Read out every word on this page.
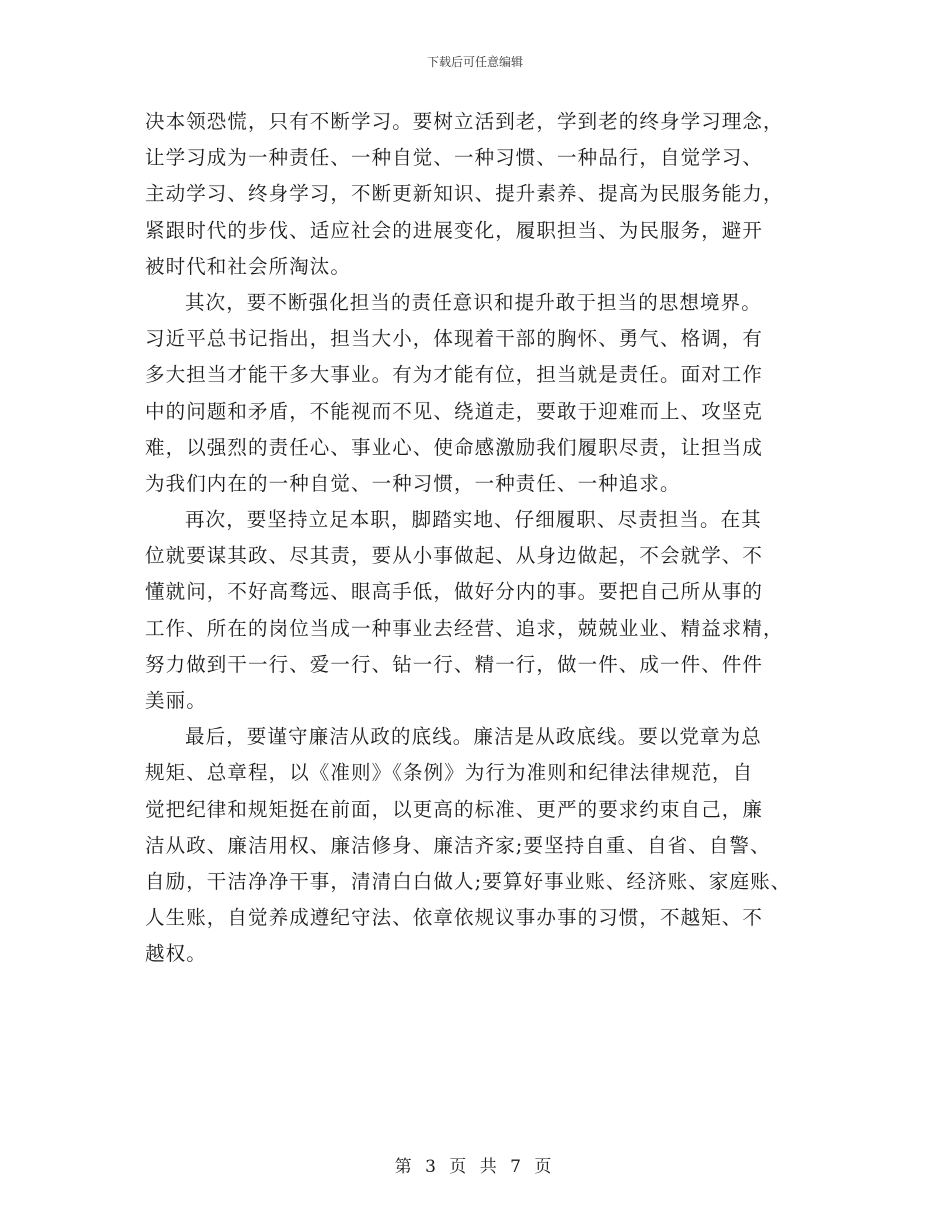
下载后可任意编辑
决本领恐慌，只有不断学习。要树立活到老，学到老的终身学习理念，
让学习成为一种责任、一种自觉、一种习惯、一种品行，自觉学习、
主动学习、终身学习，不断更新知识、提升素养、提高为民服务能力，
紧跟时代的步伐、适应社会的进展变化，履职担当、为民服务，避开
被时代和社会所淘汰。
其次，要不断强化担当的责任意识和提升敢于担当的思想境界。
习近平总书记指出，担当大小，体现着干部的胸怀、勇气、格调，有
多大担当才能干多大事业。有为才能有位，担当就是责任。面对工作
中的问题和矛盾，不能视而不见、绕道走，要敢于迎难而上、攻坚克
难，以强烈的责任心、事业心、使命感激励我们履职尽责，让担当成
为我们内在的一种自觉、一种习惯，一种责任、一种追求。
再次，要坚持立足本职，脚踏实地、仔细履职、尽责担当。在其
位就要谋其政、尽其责，要从小事做起、从身边做起，不会就学、不
懂就问，不好高骛远、眼高手低，做好分内的事。要把自己所从事的
工作、所在的岗位当成一种事业去经营、追求，兢兢业业、精益求精，
努力做到干一行、爱一行、钻一行、精一行，做一件、成一件、件件
美丽。
最后，要谨守廉洁从政的底线。廉洁是从政底线。要以党章为总
规矩、总章程，以《准则》《条例》为行为准则和纪律法律规范，自
觉把纪律和规矩挺在前面，以更高的标准、更严的要求约束自己，廉
洁从政、廉洁用权、廉洁修身、廉洁齐家;要坚持自重、自省、自警、
自励，干洁净净干事，清清白白做人;要算好事业账、经济账、家庭账、
人生账，自觉养成遵纪守法、依章依规议事办事的习惯，不越矩、不
越权。
第 3 页 共 7 页
